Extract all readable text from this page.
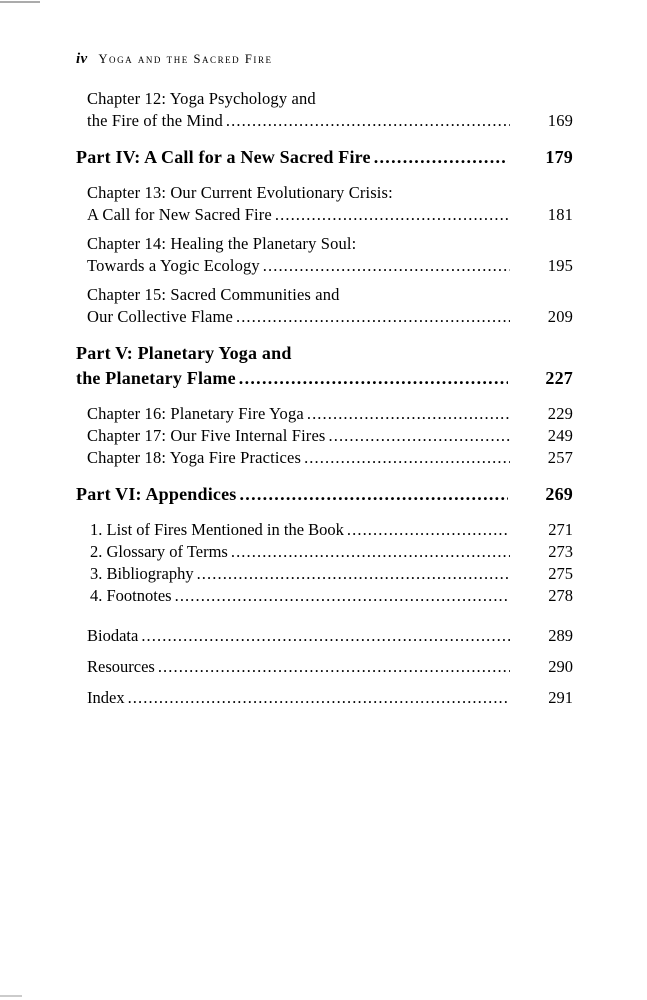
iv Yoga and the Sacred Fire
Chapter 12: Yoga Psychology and
the Fire of the Mind .....	169
Part IV: A Call for a New Sacred Fire .....	179
Chapter 13: Our Current Evolutionary Crisis:
A Call for New Sacred Fire .....	181
Chapter 14: Healing the Planetary Soul:
Towards a Yogic Ecology .....	195
Chapter 15: Sacred Communities and
Our Collective Flame .....	209
Part V: Planetary Yoga and
the Planetary Flame .....	227
Chapter 16: Planetary Fire Yoga .....	229
Chapter 17: Our Five Internal Fires .....	249
Chapter 18: Yoga Fire Practices .....	257
Part VI: Appendices .....	269
1. List of Fires Mentioned in the Book .....	271
2. Glossary of Terms .....	273
3. Bibliography .....	275
4. Footnotes .....	278
Biodata .....	289
Resources .....	290
Index .....	291
